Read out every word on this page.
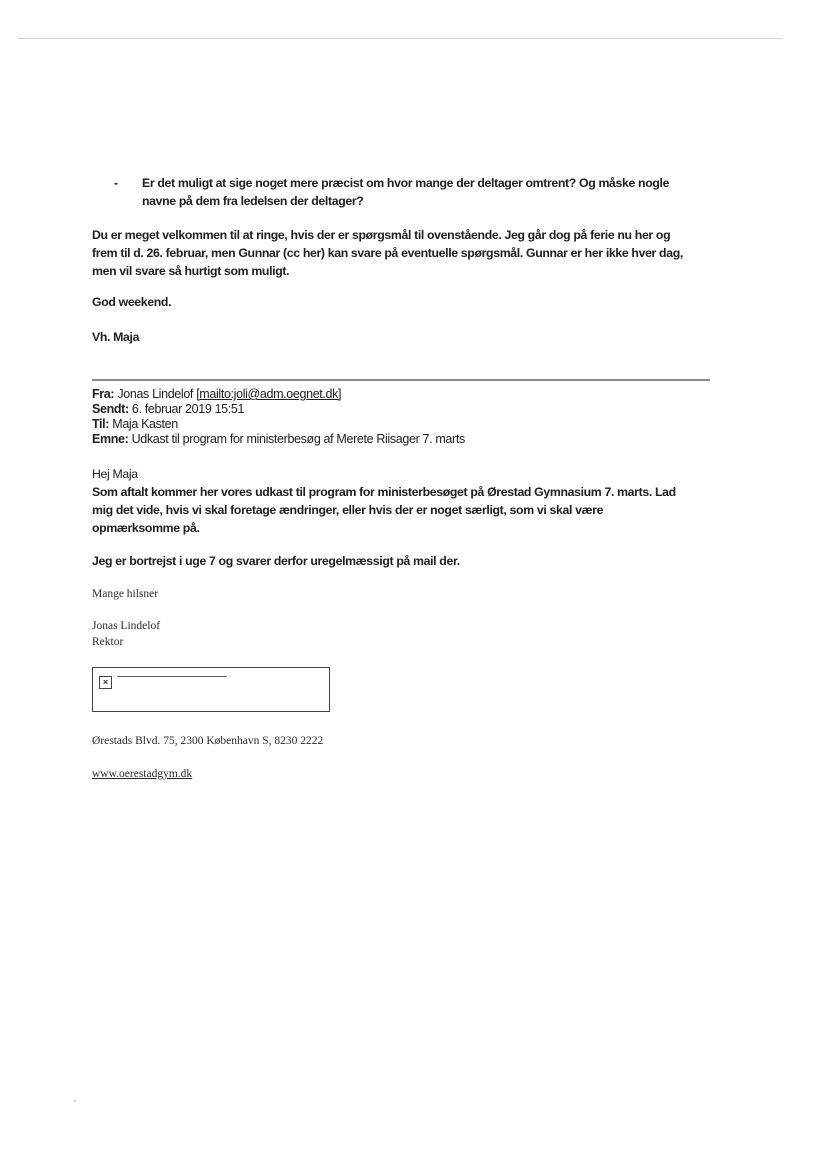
- Er det muligt at sige noget mere præcist om hvor mange der deltager omtrent? Og måske nogle
navne på dem fra ledelsen der deltager?
Du er meget velkommen til at ringe, hvis der er spørgsmål til ovenstående. Jeg går dog på ferie nu her og
frem til d. 26. februar, men Gunnar (cc her) kan svare på eventuelle spørgsmål. Gunnar er her ikke hver dag,
men vil svare så hurtigt som muligt.
God weekend.
Vh. Maja
Fra: Jonas Lindelof [mailto:joli@adm.oegnet.dk]
Sendt: 6. februar 2019 15:51
Til: Maja Kasten
Emne: Udkast til program for ministerbesøg af Merete Riisager 7. marts
Hej Maja
Som aftalt kommer her vores udkast til program for ministerbesøget på Ørestad Gymnasium 7. marts. Lad
mig det vide, hvis vi skal foretage ændringer, eller hvis der er noget særligt, som vi skal være
opmærksomme på.
Jeg er bortrejst i uge 7 og svarer derfor uregelmæssigt på mail der.
Mange hilsner
Jonas Lindelof
Rektor
×
Ørestads Blvd. 75, 2300 København S, 8230 2222
www.oerestadgym.dk
